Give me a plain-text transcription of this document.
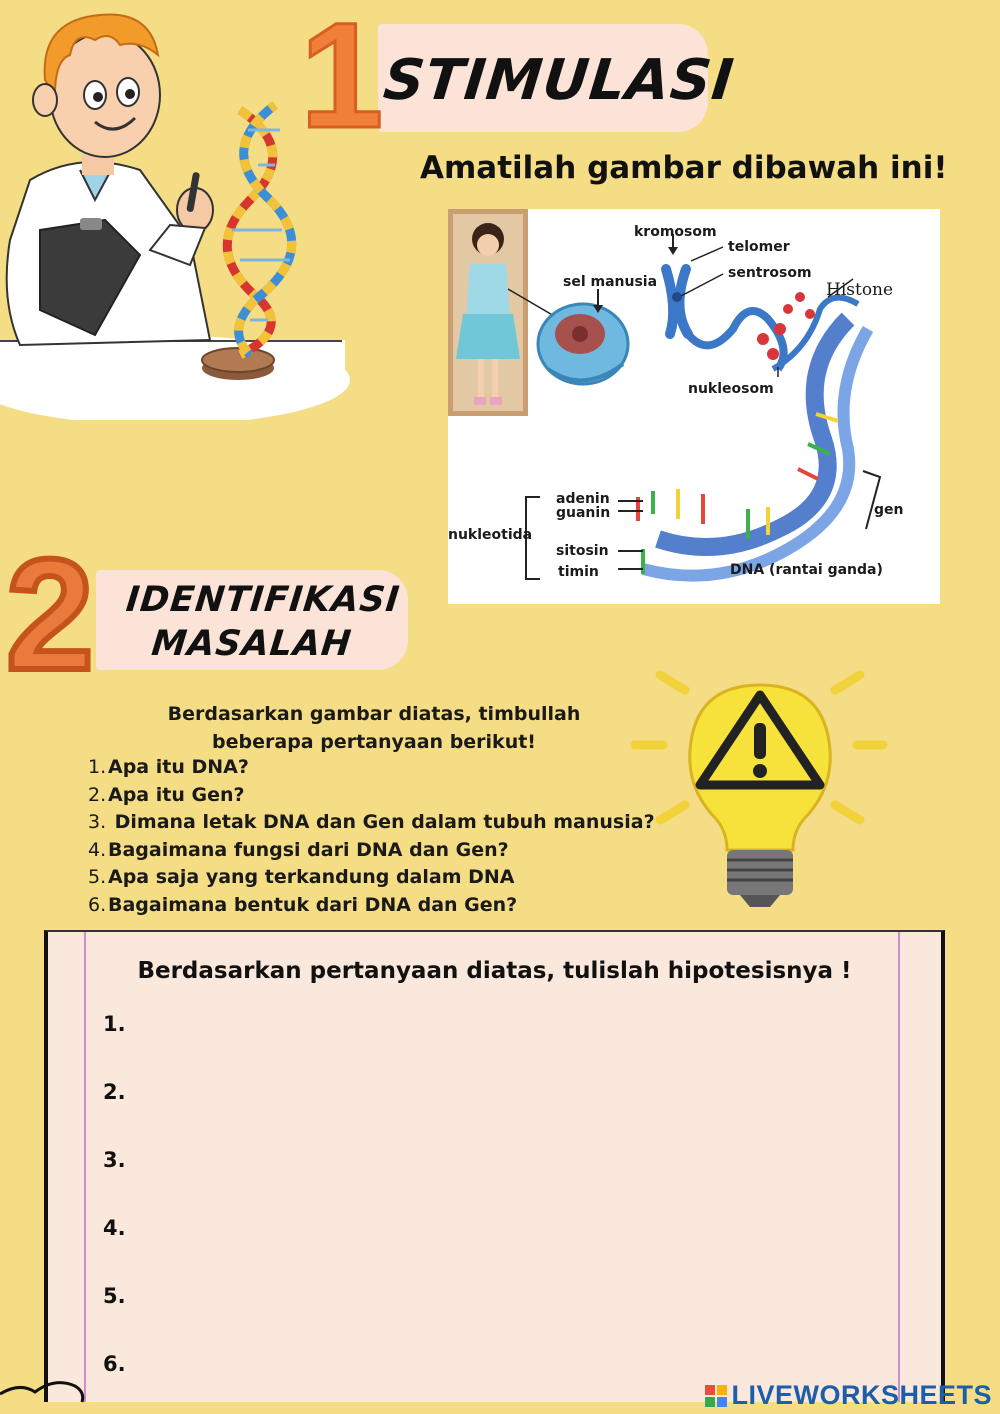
1 STIMULASI
Amatilah gambar dibawah ini!
kromosom
telomer
sentrosom
sel manusia	Histone
nukleosom
adenin
guanin
nukleotida
sitosin
timin
gen
DNA (rantai ganda)
2 IDENTIFIKASI MASALAH
Berdasarkan gambar diatas, timbullah beberapa pertanyaan berikut!
1.Apa itu DNA?
2.Apa itu Gen?
3. Dimana letak DNA dan Gen dalam tubuh manusia?
4.Bagaimana fungsi dari DNA dan Gen?
5.Apa saja yang terkandung dalam DNA
6.Bagaimana bentuk dari DNA dan Gen?
Berdasarkan pertanyaan diatas, tulislah hipotesisnya !
1.
2.
3.
4.
5.
6.
LIVEWORKSHEETS
